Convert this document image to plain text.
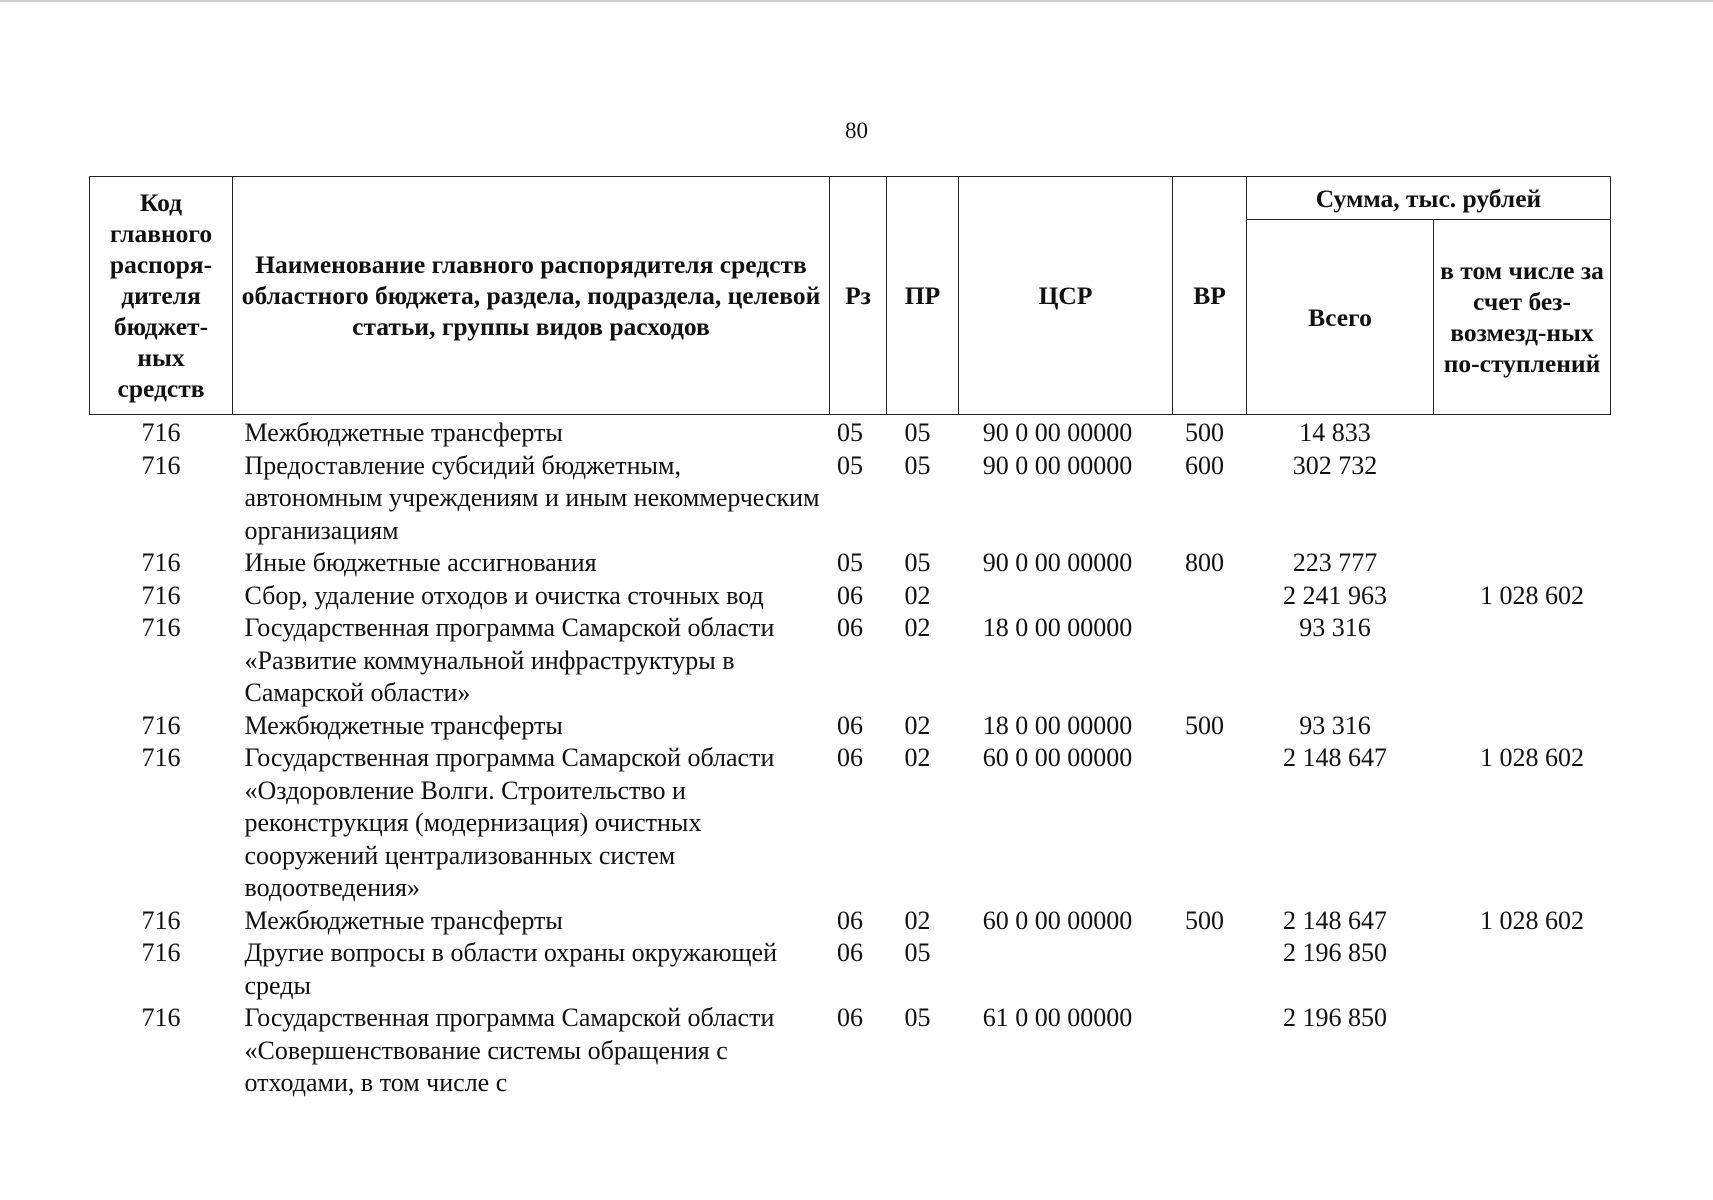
80
Код главного распоря-дителя бюджет-ных средств	Наименование главного распорядителя средств областного бюджета, раздела, подраздела, целевой статьи, группы видов расходов	Рз	ПР	ЦСР	ВР	Сумма, тыс. рублей	
						Всего	в том числе за счет без-возмезд-ных по-ступлений
716	Межбюджетные трансферты	05	05	90 0 00 00000	500	14 833	
716	Предоставление субсидий бюджетным, автономным учреждениям и иным некоммерческим организациям	05	05	90 0 00 00000	600	302 732	
716	Иные бюджетные ассигнования	05	05	90 0 00 00000	800	223 777	
716	Сбор, удаление отходов и очистка сточных вод	06	02			2 241 963	1 028 602
716	Государственная программа Самарской области «Развитие коммунальной инфраструктуры в Самарской области»	06	02	18 0 00 00000		93 316	
716	Межбюджетные трансферты	06	02	18 0 00 00000	500	93 316	
716	Государственная программа Самарской области «Оздоровление Волги. Строительство и реконструкция (модернизация) очистных сооружений централизованных систем водоотведения»	06	02	60 0 00 00000		2 148 647	1 028 602
716	Межбюджетные трансферты	06	02	60 0 00 00000	500	2 148 647	1 028 602
716	Другие вопросы в области охраны окружающей среды	06	05			2 196 850	
716	Государственная программа Самарской области «Совершенствование системы обращения с отходами, в том числе с	06	05	61 0 00 00000		2 196 850	
